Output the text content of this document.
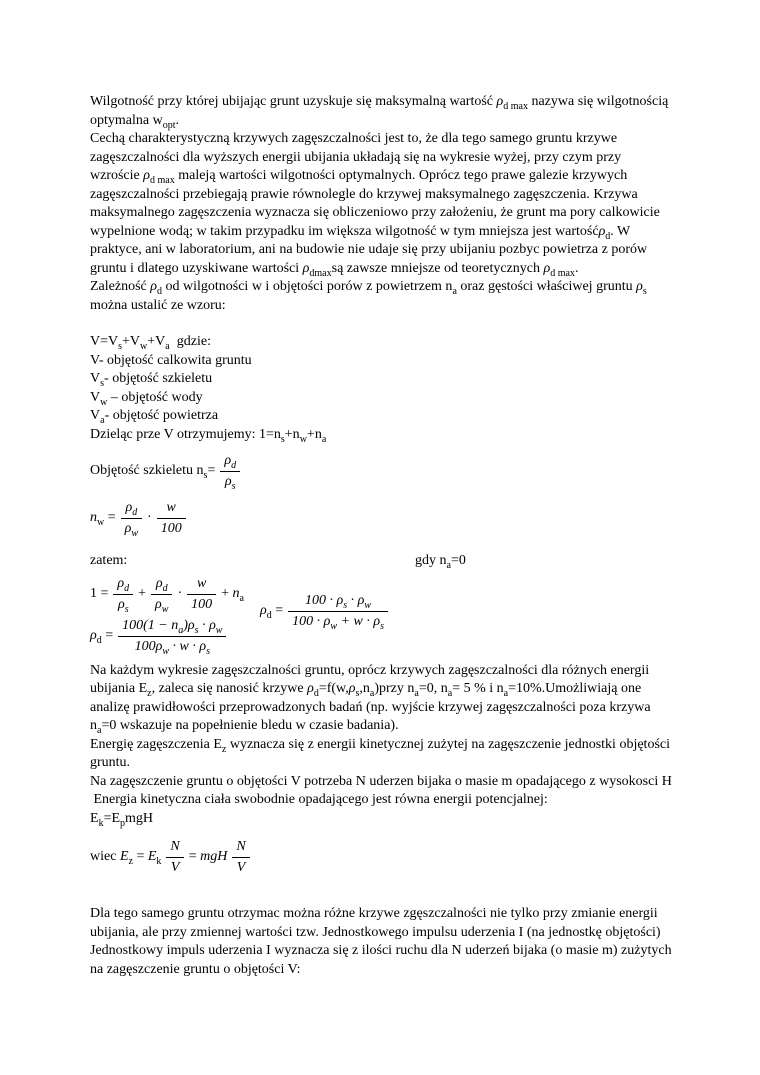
Wilgotność przy której ubijając grunt uzyskuje się maksymalną wartość $\rho_{d max}$ nazywa się wilgotnością optymalna $w_{opt}$.

Cechą charakterystyczną krzywych zagęszczalności jest to, że dla tego samego gruntu krzywe zagęszczalności dla wyższych energii ubijania układają się na wykresie wyżej, przy czym przy wzroście $\rho_{d max}$ maleją wartości wilgotności optymalnych. Oprócz tego prawe galezie krzywych zagęszczalności przebiegają prawie równolegle do krzywej maksymalnego zagęszczenia. Krzywa maksymalnego zagęszczenia wyznacza się obliczeniowo przy założeniu, że grunt ma pory calkowicie wypelnione wodą; w takim przypadku im większa wilgotność w tym mniejsza jest wartośćρ$_d$. W praktyce, ani w laboratorium, ani na budowie nie udaje się przy ubijaniu pozbyc powietrza z porów gruntu i dlatego uzyskiwane wartości $\rho_{dmax}są$ zawsze mniejsze od teoretycznych $\rho_{d max}$.

Zależność $\rho_d$ od wilgotności w i objętości porów z powietrzem $n_a$ oraz gęstości właściwej gruntu $\rho_s$ można ustalić ze wzoru:

$V=V_s+V_w+V_a$  gdzie:
V- objętość calkowita gruntu
$V_s-$ objętość szkieletu
$V_w$ – objętość wody
$V_a-$ objętość powietrza
Dzieląc prze V otrzymujemy: $1=n_s+n_w+n_a$
Objętość szkieletu $n_s= \frac{\rho_d}{\rho_s}$
$n_w = \frac{\rho_d}{\rho_w} \cdot \frac{w}{100}$
zatem:	gdy $n_a=0$
$1 = \frac{\rho_d}{\rho_s} + \frac{\rho_d}{\rho_w} \cdot \frac{w}{100} + n_a$
$\rho_d = \frac{100(1 - n_a)\rho_s \cdot \rho_w}{100\rho_w \cdot w \cdot \rho_s}$
$\rho_d = \frac{100 \cdot \rho_s \cdot \rho_w}{100 \cdot \rho_w + w \cdot \rho_s}$

Na każdym wykresie zagęszczalności gruntu, oprócz krzywych zagęszczalności dla różnych energii ubijania $E_z$, zaleca się nanosić krzywe $\rho_d=f(w,\rho_s,n_a)przy$ $n_a=0$, $n_a= 5$ % i $n_a=10\%.Umożliwiają$ one analizę prawidłowości przeprowadzonych badań (np. wyjście krzywej zagęszczalności poza krzywa $n_a=0$ wskazuje na popełnienie bledu w czasie badania).

Energię zagęszczenia $E_z$ wyznacza się z energii kinetycznej zużytej na zagęszczenie jednostki objętości gruntu.

Na zagęszczenie gruntu o objętości V potrzeba N uderzen bijaka o masie m opadającego z wysokosci H

Energia kinetyczna ciała swobodnie opadającego jest równa energii potencjalnej:

$E_k=E_pmgH$

wiec $E_z = E_k \frac{N}{V}$ = mgH $\frac{N}{V}$

Dla tego samego gruntu otrzymac można różne krzywe zgęszczalności nie tylko przy zmianie energii ubijania, ale przy zmiennej wartości tzw. Jednostkowego impulsu uderzenia I (na jednostkę objętości)

Jednostkowy impuls uderzenia I wyznacza się z ilości ruchu dla N uderzeń bijaka (o masie m) zużytych na zagęszczenie gruntu o objętości V:
